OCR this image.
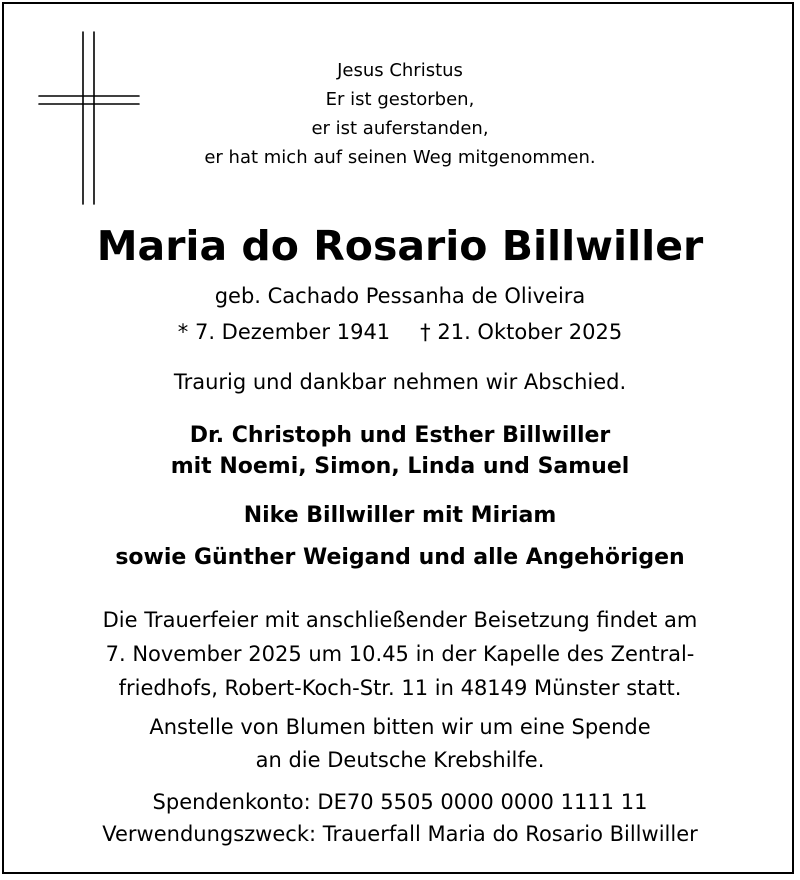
Jesus Christus
Er ist gestorben,
er ist auferstanden,
er hat mich auf seinen Weg mitgenommen.
Maria do Rosario Billwiller
geb. Cachado Pessanha de Oliveira
* 7. Dezember 1941 † 21. Oktober 2025
Traurig und dankbar nehmen wir Abschied.
Dr. Christoph und Esther Billwiller
mit Noemi, Simon, Linda und Samuel
Nike Billwiller mit Miriam
sowie Günther Weigand und alle Angehörigen
Die Trauerfeier mit anschließender Beisetzung findet am
7. November 2025 um 10.45 in der Kapelle des Zentral-
friedhofs, Robert-Koch-Str. 11 in 48149 Münster statt.
Anstelle von Blumen bitten wir um eine Spende
an die Deutsche Krebshilfe.
Spendenkonto: DE70 5505 0000 0000 1111 11
Verwendungszweck: Trauerfall Maria do Rosario Billwiller
